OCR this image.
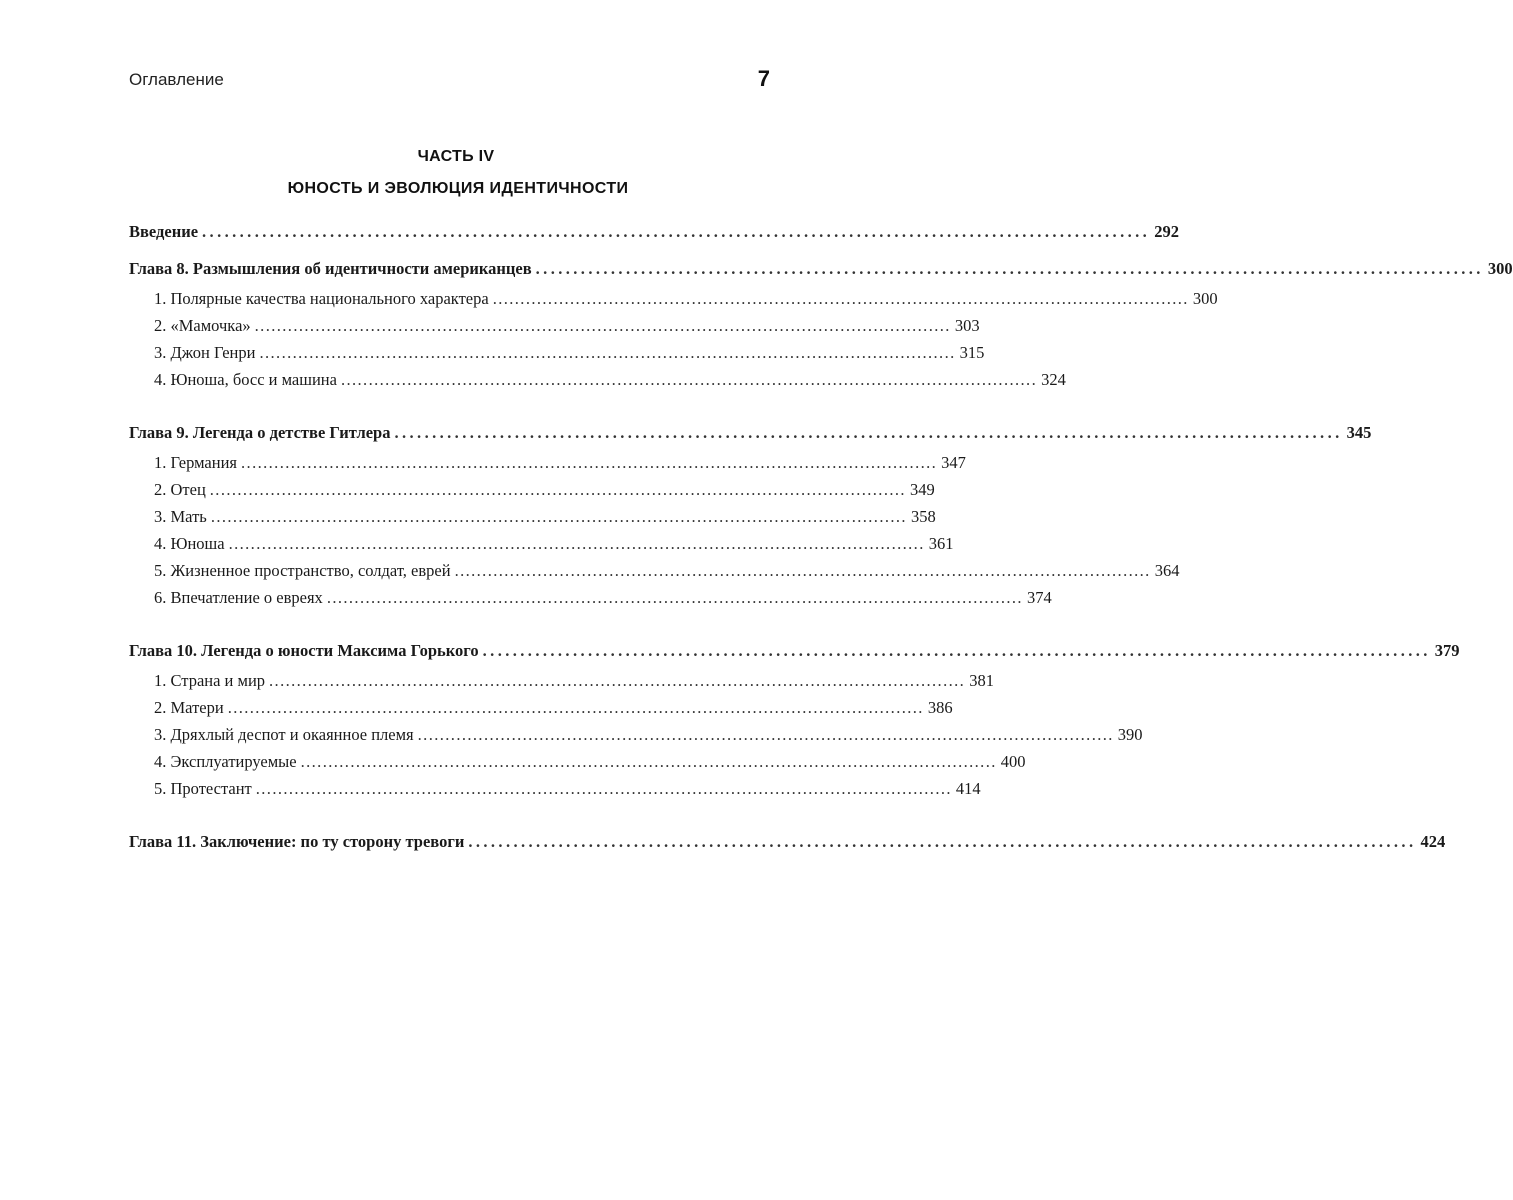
Оглавление	7
ЧАСТЬ IV
ЮНОСТЬ И ЭВОЛЮЦИЯ ИДЕНТИЧНОСТИ
Введение .............................................................................................................................. 292
Глава 8. Размышления об идентичности американцев .............................................................................................................................. 300
1. Полярные качества национального характера .............................................................................................................................. 300
2. «Мамочка» .............................................................................................................................. 303
3. Джон Генри .............................................................................................................................. 315
4. Юноша, босс и машина .............................................................................................................................. 324
Глава 9. Легенда о детстве Гитлера .............................................................................................................................. 345
1. Германия .............................................................................................................................. 347
2. Отец .............................................................................................................................. 349
3. Мать .............................................................................................................................. 358
4. Юноша .............................................................................................................................. 361
5. Жизненное пространство, солдат, еврей .............................................................................................................................. 364
6. Впечатление о евреях .............................................................................................................................. 374
Глава 10. Легенда о юности Максима Горького .............................................................................................................................. 379
1. Страна и мир .............................................................................................................................. 381
2. Матери .............................................................................................................................. 386
3. Дряхлый деспот и окаянное племя .............................................................................................................................. 390
4. Эксплуатируемые .............................................................................................................................. 400
5. Протестант .............................................................................................................................. 414
Глава 11. Заключение: по ту сторону тревоги .............................................................................................................................. 424
